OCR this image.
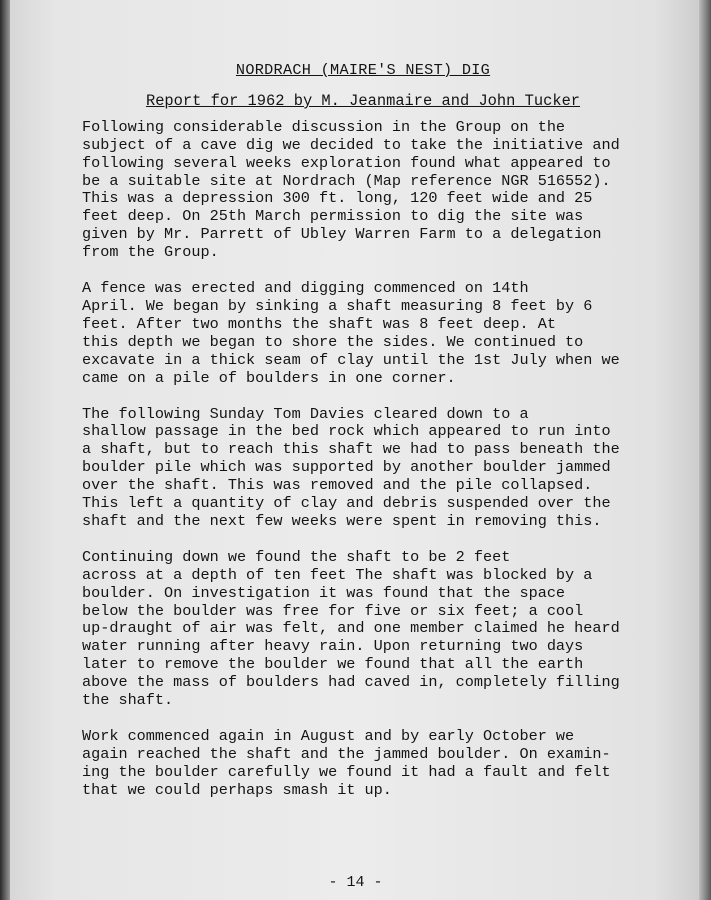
NORDRACH (MAIRE'S NEST) DIG
Report for 1962 by M. Jeanmaire and John Tucker
Following considerable discussion in the Group on the
subject of a cave dig we decided to take the initiative and
following several weeks exploration found what appeared to
be a suitable site at Nordrach (Map reference NGR 516552).
This was a depression 300 ft. long, 120 feet wide and 25
feet deep. On 25th March permission to dig the site was
given by Mr. Parrett of Ubley Warren Farm to a delegation
from the Group.
A fence was erected and digging commenced on 14th
April. We began by sinking a shaft measuring 8 feet by 6
feet. After two months the shaft was 8 feet deep. At
this depth we began to shore the sides. We continued to
excavate in a thick seam of clay until the 1st July when we
came on a pile of boulders in one corner.
The following Sunday Tom Davies cleared down to a
shallow passage in the bed rock which appeared to run into
a shaft, but to reach this shaft we had to pass beneath the
boulder pile which was supported by another boulder jammed
over the shaft. This was removed and the pile collapsed.
This left a quantity of clay and debris suspended over the
shaft and the next few weeks were spent in removing this.
Continuing down we found the shaft to be 2 feet
across at a depth of ten feet The shaft was blocked by a
boulder. On investigation it was found that the space
below the boulder was free for five or six feet; a cool
up-draught of air was felt, and one member claimed he heard
water running after heavy rain. Upon returning two days
later to remove the boulder we found that all the earth
above the mass of boulders had caved in, completely filling
the shaft.
Work commenced again in August and by early October we
again reached the shaft and the jammed boulder. On examin-
ing the boulder carefully we found it had a fault and felt
that we could perhaps smash it up.
- 14 -
